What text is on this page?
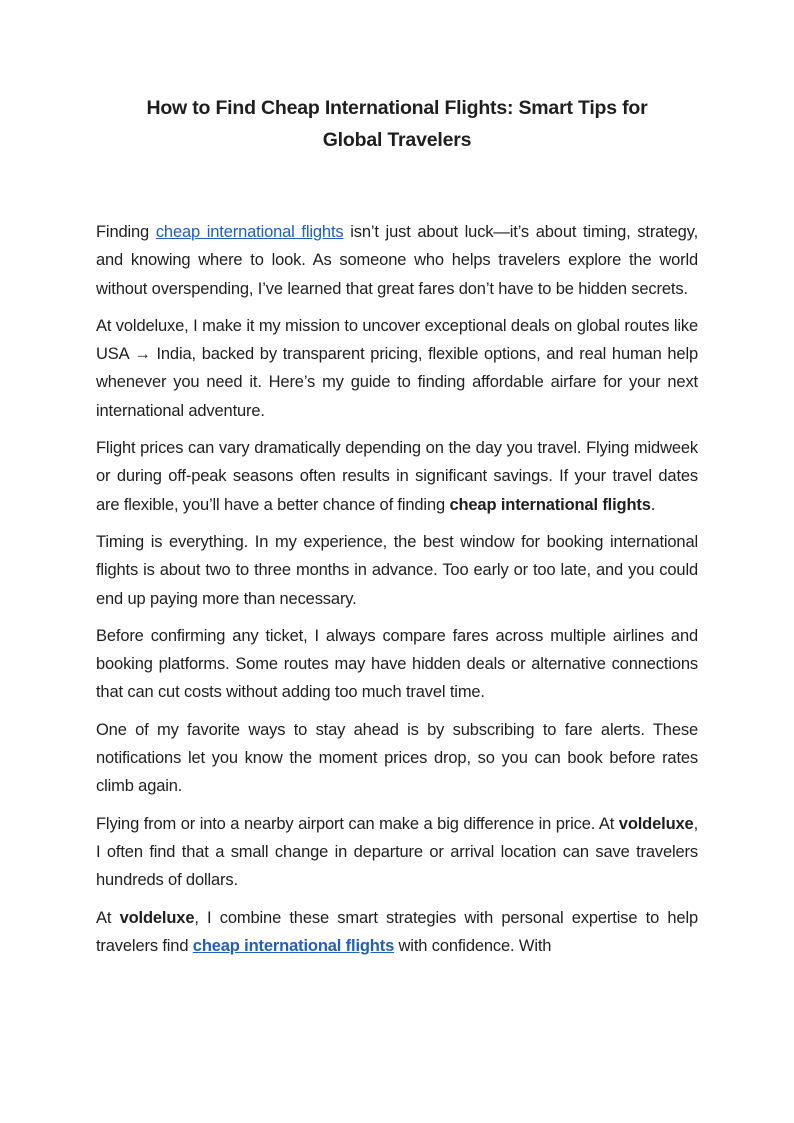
How to Find Cheap International Flights: Smart Tips for
Global Travelers

Finding cheap international flights isn’t just about luck—it’s about timing, strategy, and knowing where to look. As someone who helps travelers explore the world without overspending, I’ve learned that great fares don’t have to be hidden secrets.

At voldeluxe, I make it my mission to uncover exceptional deals on global routes like USA → India, backed by transparent pricing, flexible options, and real human help whenever you need it. Here’s my guide to finding affordable airfare for your next international adventure.

Flight prices can vary dramatically depending on the day you travel. Flying midweek or during off-peak seasons often results in significant savings. If your travel dates are flexible, you’ll have a better chance of finding cheap international flights.

Timing is everything. In my experience, the best window for booking international flights is about two to three months in advance. Too early or too late, and you could end up paying more than necessary.

Before confirming any ticket, I always compare fares across multiple airlines and booking platforms. Some routes may have hidden deals or alternative connections that can cut costs without adding too much travel time.

One of my favorite ways to stay ahead is by subscribing to fare alerts. These notifications let you know the moment prices drop, so you can book before rates climb again.

Flying from or into a nearby airport can make a big difference in price. At voldeluxe, I often find that a small change in departure or arrival location can save travelers hundreds of dollars.

At voldeluxe, I combine these smart strategies with personal expertise to help travelers find cheap international flights with confidence. With
